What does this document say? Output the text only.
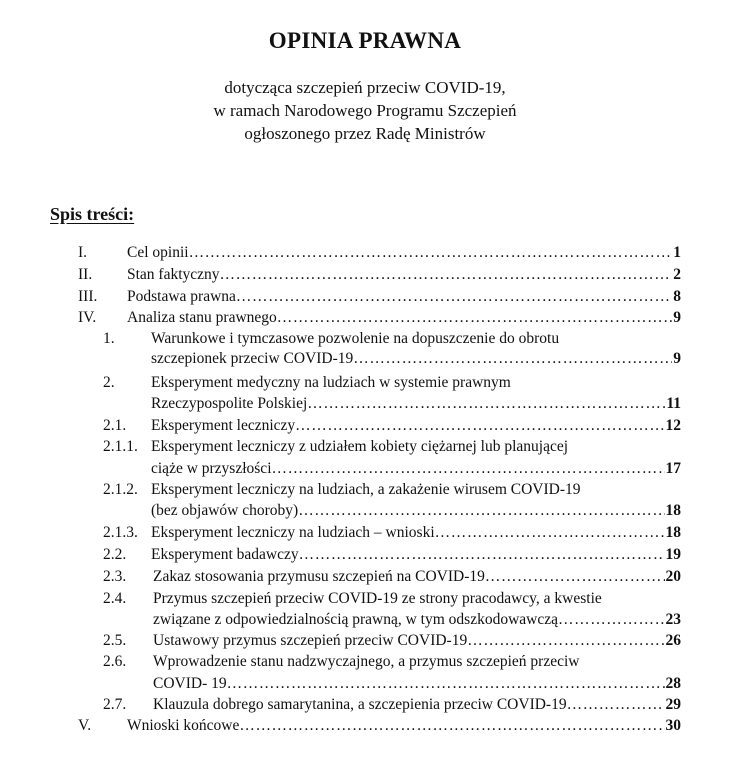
OPINIA PRAWNA
dotycząca szczepień przeciw COVID-19,
w ramach Narodowego Programu Szczepień
ogłoszonego przez Radę Ministrów
Spis treści:
I.	Cel opinii …………………………………………………………………………………………………………………………………………………………………	1
II. Stan faktyczny …………………………………………………………………………………………………………………………………………………………………	2
III. Podstawa prawna …………………………………………………………………………………………………………………………………………………………………	8
IV. Analiza stanu prawnego …………………………………………………………………………………………………………………………………………………………………	9
1. Warunkowe i tymczasowe pozwolenie na dopuszczenie do obrotu
szczepionek przeciw COVID-19 …………………………………………………………………………………………………………………………………………………………………	9
2. Eksperyment medyczny na ludziach w systemie prawnym
Rzeczypospolite Polskiej …………………………………………………………………………………………………………………………………………………………………	11
2.1. Eksperyment leczniczy …………………………………………………………………………………………………………………………………………………………………	12
2.1.1. Eksperyment leczniczy z udziałem kobiety ciężarnej lub planującej
ciąże w przyszłości …………………………………………………………………………………………………………………………………………………………………	17
2.1.2. Eksperyment leczniczy na ludziach, a zakażenie wirusem COVID-19
(bez objawów choroby) …………………………………………………………………………………………………………………………………………………………………	18
2.1.3. Eksperyment leczniczy na ludziach – wnioski …………………………………………………………………………………………………………………………………………………………………	18
2.2. Eksperyment badawczy …………………………………………………………………………………………………………………………………………………………………	19
2.3. Zakaz stosowania przymusu szczepień na COVID-19 …………………………………………………………………………………………………………………………………………………………………	20
2.4. Przymus szczepień przeciw COVID-19 ze strony pracodawcy, a kwestie
związane z odpowiedzialnością prawną, w tym odszkodowawczą …………………………………………………………………………………………………………………………………………………………………	23
2.5. Ustawowy przymus szczepień przeciw COVID-19 …………………………………………………………………………………………………………………………………………………………………	26
2.6. Wprowadzenie stanu nadzwyczajnego, a przymus szczepień przeciw
COVID- 19 …………………………………………………………………………………………………………………………………………………………………	28
2.7. Klauzula dobrego samarytanina, a szczepienia przeciw COVID-19 …………………………………………………………………………………………………………………………………………………………………	29
V. Wnioski końcowe …………………………………………………………………………………………………………………………………………………………………	30
